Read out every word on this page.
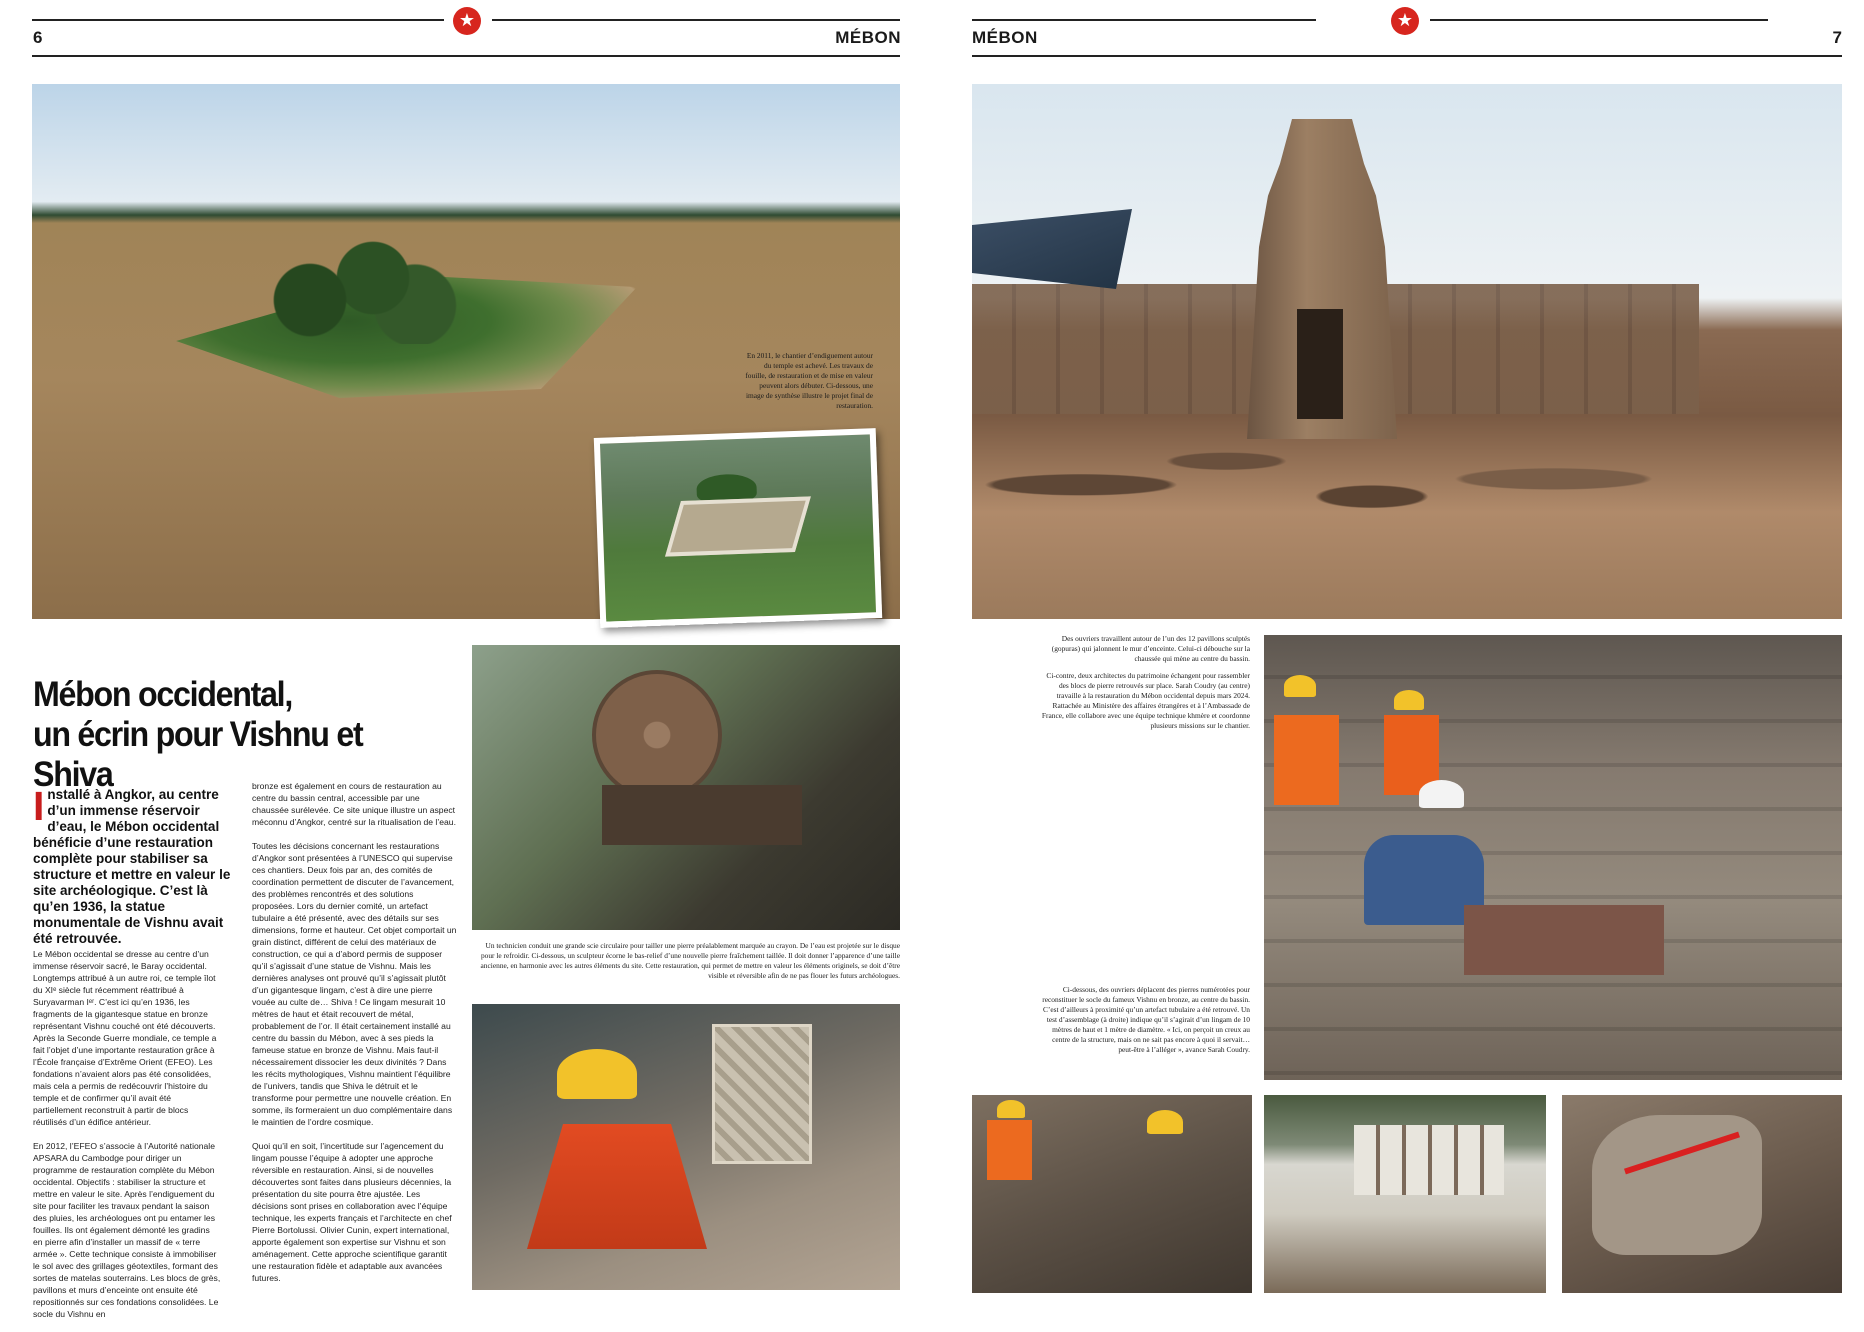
★
6	MÉBON
En 2011, le chantier d’endiguement autour du temple est achevé. Les travaux de fouille, de restauration et de mise en valeur peuvent alors débuter. Ci-dessous, une image de synthèse illustre le projet final de restauration.
Mébon occidental,
un écrin pour Vishnu et Shiva
Installé à Angkor, au centre d’un immense réservoir d’eau, le Mébon occidental bénéficie d’une restauration complète pour stabiliser sa structure et mettre en valeur le site archéologique. C’est là qu’en 1936, la statue monumentale de Vishnu avait été retrouvée.

Le Mébon occidental se dresse au centre d’un immense réservoir sacré, le Baray occidental. Longtemps attribué à un autre roi, ce temple îlot du XIᵉ siècle fut récemment réattribué à Suryavarman Iᵉʳ. C’est ici qu’en 1936, les fragments de la gigantesque statue en bronze représentant Vishnu couché ont été découverts. Après la Seconde Guerre mondiale, ce temple a fait l’objet d’une importante restauration grâce à l’École française d’Extrême Orient (EFEO). Les fondations n’avaient alors pas été consolidées, mais cela a permis de redécouvrir l’histoire du temple et de confirmer qu’il avait été partiellement reconstruit à partir de blocs réutilisés d’un édifice antérieur.

En 2012, l’EFEO s’associe à l’Autorité nationale APSARA du Cambodge pour diriger un programme de restauration complète du Mébon occidental. Objectifs : stabiliser la structure et mettre en valeur le site. Après l’endiguement du site pour faciliter les travaux pendant la saison des pluies, les archéologues ont pu entamer les fouilles. Ils ont également démonté les gradins en pierre afin d’installer un massif de « terre armée ». Cette technique consiste à immobiliser le sol avec des grillages géotextiles, formant des sortes de matelas souterrains. Les blocs de grès, pavillons et murs d’enceinte ont ensuite été repositionnés sur ces fondations consolidées. Le socle du Vishnu en

bronze est également en cours de restauration au centre du bassin central, accessible par une chaussée surélevée. Ce site unique illustre un aspect méconnu d’Angkor, centré sur la ritualisation de l’eau.

Toutes les décisions concernant les restaurations d’Angkor sont présentées à l’UNESCO qui supervise ces chantiers. Deux fois par an, des comités de coordination permettent de discuter de l’avancement, des problèmes rencontrés et des solutions proposées. Lors du dernier comité, un artefact tubulaire a été présenté, avec des détails sur ses dimensions, forme et hauteur. Cet objet comportait un grain distinct, différent de celui des matériaux de construction, ce qui a d’abord permis de supposer qu’il s’agissait d’une statue de Vishnu. Mais les dernières analyses ont prouvé qu’il s’agissait plutôt d’un gigantesque lingam, c’est à dire une pierre vouée au culte de… Shiva ! Ce lingam mesurait 10 mètres de haut et était recouvert de métal, probablement de l’or. Il était certainement installé au centre du bassin du Mébon, avec à ses pieds la fameuse statue en bronze de Vishnu. Mais faut-il nécessairement dissocier les deux divinités ? Dans les récits mythologiques, Vishnu maintient l’équilibre de l’univers, tandis que Shiva le détruit et le transforme pour permettre une nouvelle création. En somme, ils formeraient un duo complémentaire dans le maintien de l’ordre cosmique.

Quoi qu’il en soit, l’incertitude sur l’agencement du lingam pousse l’équipe à adopter une approche réversible en restauration. Ainsi, si de nouvelles découvertes sont faites dans plusieurs décennies, la présentation du site pourra être ajustée. Les décisions sont prises en collaboration avec l’équipe technique, les experts français et l’architecte en chef Pierre Bortolussi. Olivier Cunin, expert international, apporte également son expertise sur Vishnu et son aménagement. Cette approche scientifique garantit une restauration fidèle et adaptable aux avancées futures.

Un technicien conduit une grande scie circulaire pour tailler une pierre préalablement marquée au crayon. De l’eau est projetée sur le disque pour le refroidir. Ci-dessous, un sculpteur écorne le bas-relief d’une nouvelle pierre fraîchement taillée. Il doit donner l’apparence d’une taille ancienne, en harmonie avec les autres éléments du site. Cette restauration, qui permet de mettre en valeur les éléments originels, se doit d’être visible et réversible afin de ne pas flouer les futurs archéologues.
★
MÉBON	7

Des ouvriers travaillent autour de l’un des 12 pavillons sculptés (gopuras) qui jalonnent le mur d’enceinte. Celui-ci débouche sur la chaussée qui mène au centre du bassin.

Ci-contre, deux architectes du patrimoine échangent pour rassembler des blocs de pierre retrouvés sur place. Sarah Coudry (au centre) travaille à la restauration du Mébon occidental depuis mars 2024. Rattachée au Ministère des affaires étrangères et à l’Ambassade de France, elle collabore avec une équipe technique khmère et coordonne plusieurs missions sur le chantier.

Ci-dessous, des ouvriers déplacent des pierres numérotées pour reconstituer le socle du fameux Vishnu en bronze, au centre du bassin. C’est d’ailleurs à proximité qu’un artefact tubulaire a été retrouvé. Un test d’assemblage (à droite) indique qu’il s’agirait d’un lingam de 10 mètres de haut et 1 mètre de diamètre. « Ici, on perçoit un creux au centre de la structure, mais on ne sait pas encore à quoi il servait… peut-être à l’alléger », avance Sarah Coudry.
